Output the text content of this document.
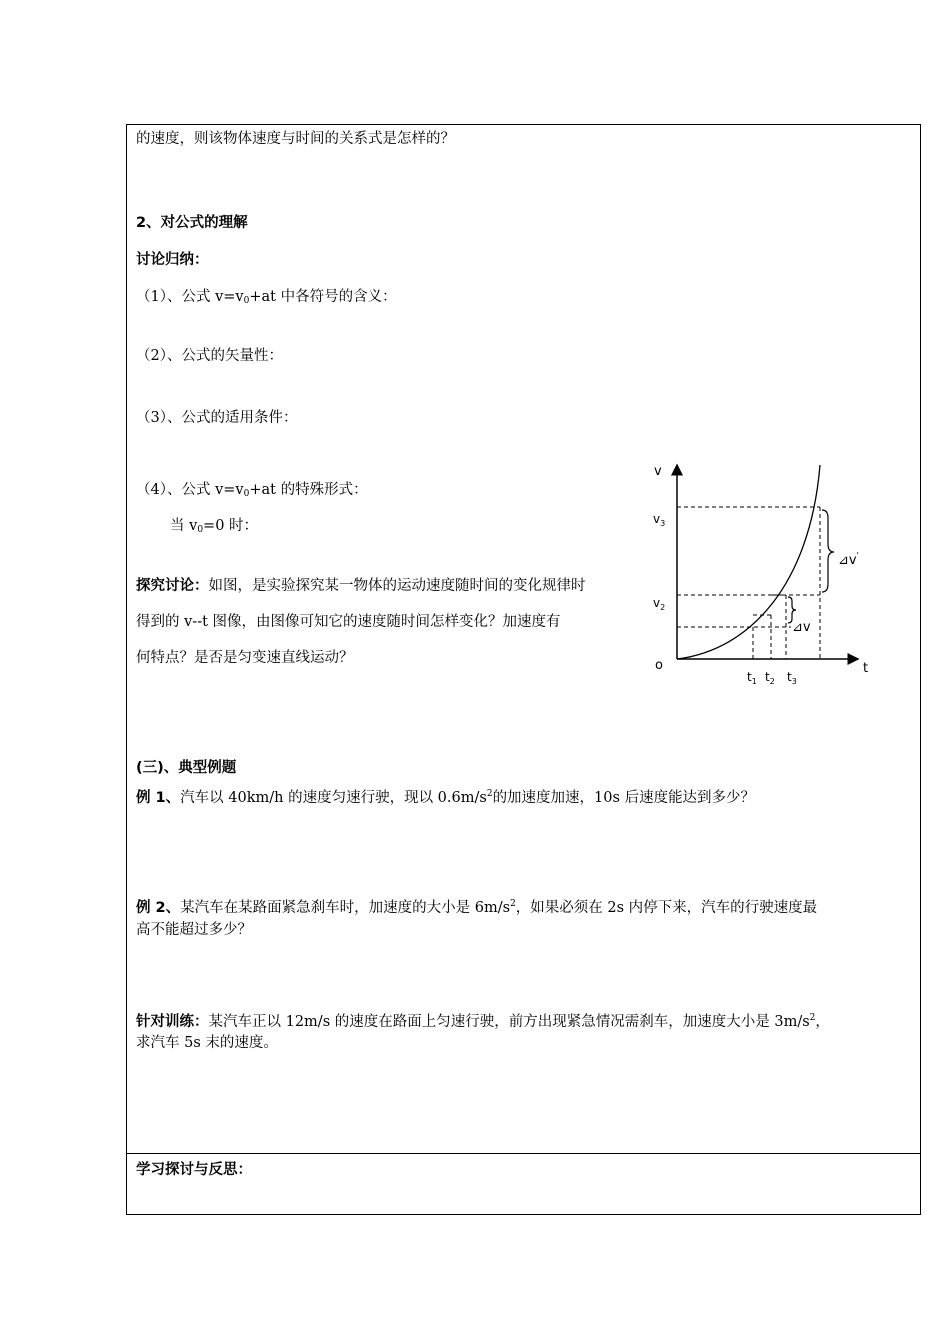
的速度，则该物体速度与时间的关系式是怎样的？
2、对公式的理解
讨论归纳：
（1）、公式 $v=v_0+at$ 中各符号的含义：
（2）、公式的矢量性：
（3）、公式的适用条件：
（4）、公式 $v=v_0+at$ 的特殊形式：
当 $v_0=0$ 时：
探究讨论：如图，是实验探究某一物体的运动速度随时间的变化规律时
得到的 v--t 图像，由图像可知它的速度随时间怎样变化？加速度有
何特点？是否是匀变速直线运动？
v
t
o
$v_3$
$v_2$
$t_1$ $t_2$ $t_3$
⊿v'
⊿v
(三)、典型例题
例 1、汽车以 40km/h 的速度匀速行驶，现以 $0.6m/s^2$的加速度加速，10s 后速度能达到多少？
例 2、某汽车在某路面紧急刹车时，加速度的大小是 $6m/s^2$，如果必须在 2s 内停下来，汽车的行驶速度最
高不能超过多少？
针对训练：某汽车正以 12m/s 的速度在路面上匀速行驶，前方出现紧急情况需刹车，加速度大小是 $3m/s^2$，
求汽车 5s 末的速度。
学习探讨与反思：
